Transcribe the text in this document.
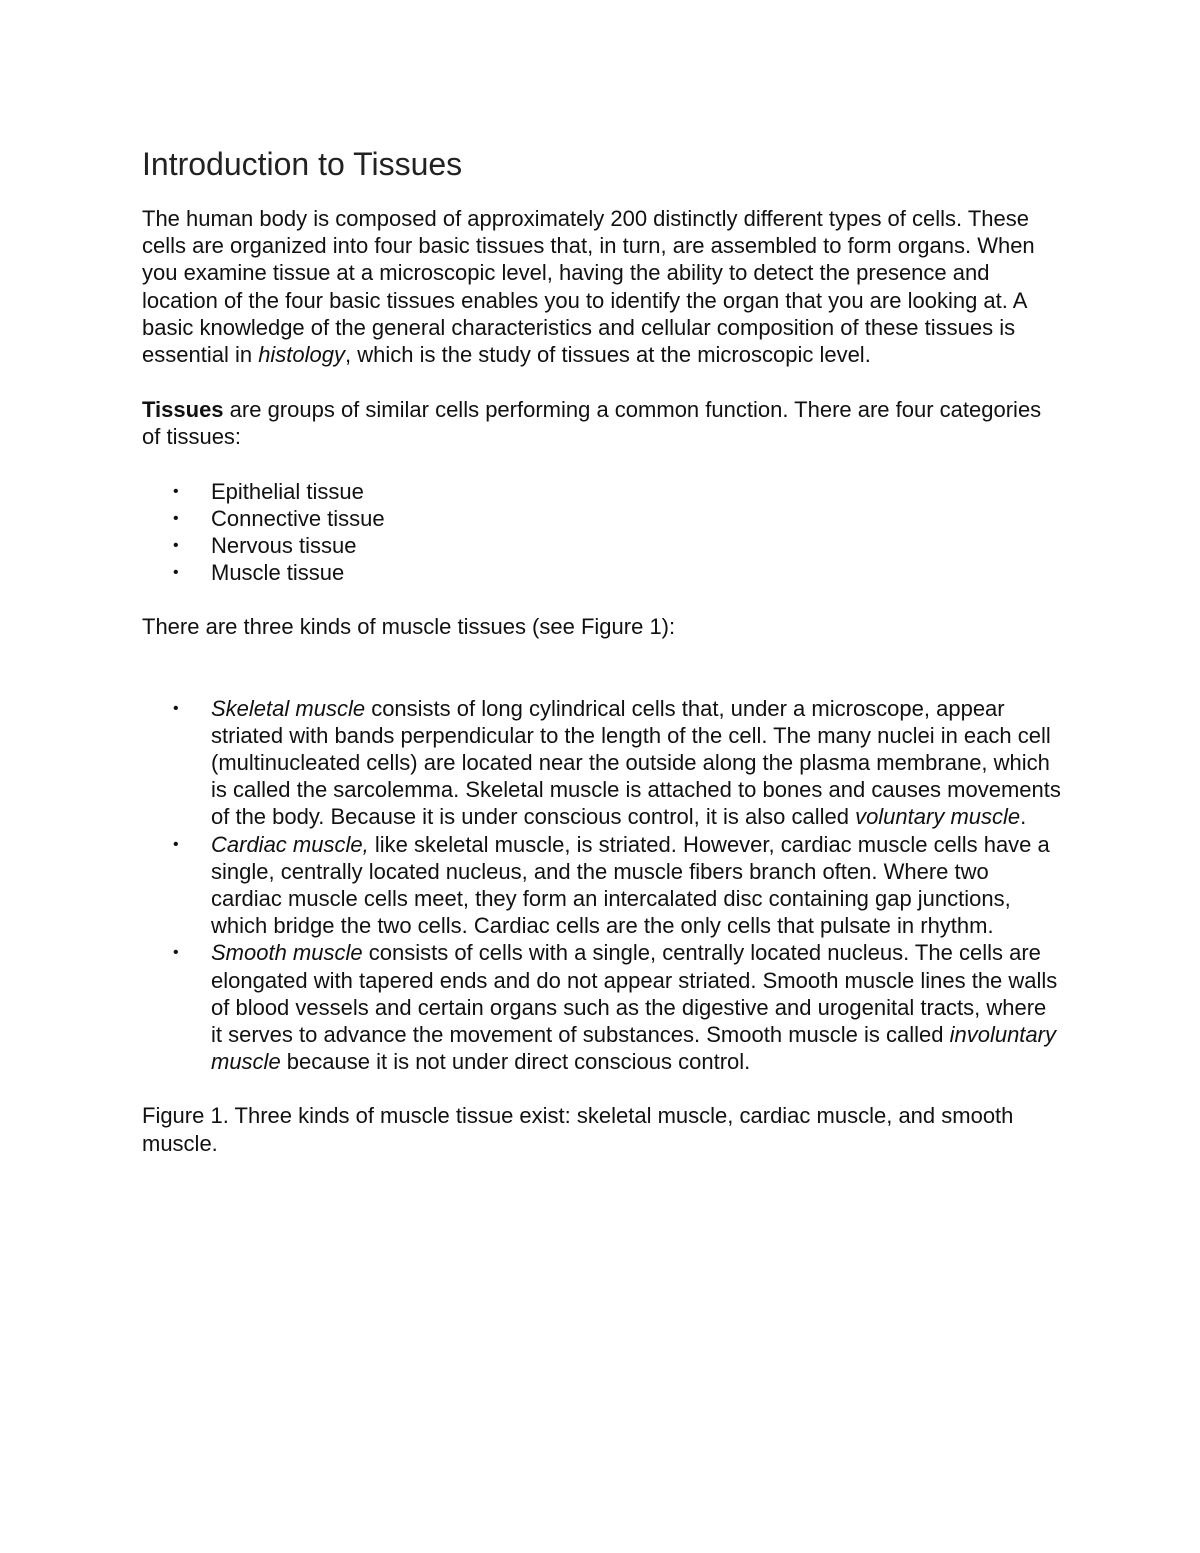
Introduction to Tissues

The human body is composed of approximately 200 distinctly different types of cells. These cells are organized into four basic tissues that, in turn, are assembled to form organs. When you examine tissue at a microscopic level, having the ability to detect the presence and location of the four basic tissues enables you to identify the organ that you are looking at. A basic knowledge of the general characteristics and cellular composition of these tissues is essential in histology, which is the study of tissues at the microscopic level.

Tissues are groups of similar cells performing a common function. There are four categories of tissues:

• Epithelial tissue
• Connective tissue
• Nervous tissue
• Muscle tissue

There are three kinds of muscle tissues (see Figure 1):

• Skeletal muscle consists of long cylindrical cells that, under a microscope, appear striated with bands perpendicular to the length of the cell. The many nuclei in each cell (multinucleated cells) are located near the outside along the plasma membrane, which is called the sarcolemma. Skeletal muscle is attached to bones and causes movements of the body. Because it is under conscious control, it is also called voluntary muscle.
• Cardiac muscle, like skeletal muscle, is striated. However, cardiac muscle cells have a single, centrally located nucleus, and the muscle fibers branch often. Where two cardiac muscle cells meet, they form an intercalated disc containing gap junctions, which bridge the two cells. Cardiac cells are the only cells that pulsate in rhythm.
• Smooth muscle consists of cells with a single, centrally located nucleus. The cells are elongated with tapered ends and do not appear striated. Smooth muscle lines the walls of blood vessels and certain organs such as the digestive and urogenital tracts, where it serves to advance the movement of substances. Smooth muscle is called involuntary muscle because it is not under direct conscious control.

Figure 1. Three kinds of muscle tissue exist: skeletal muscle, cardiac muscle, and smooth muscle.
